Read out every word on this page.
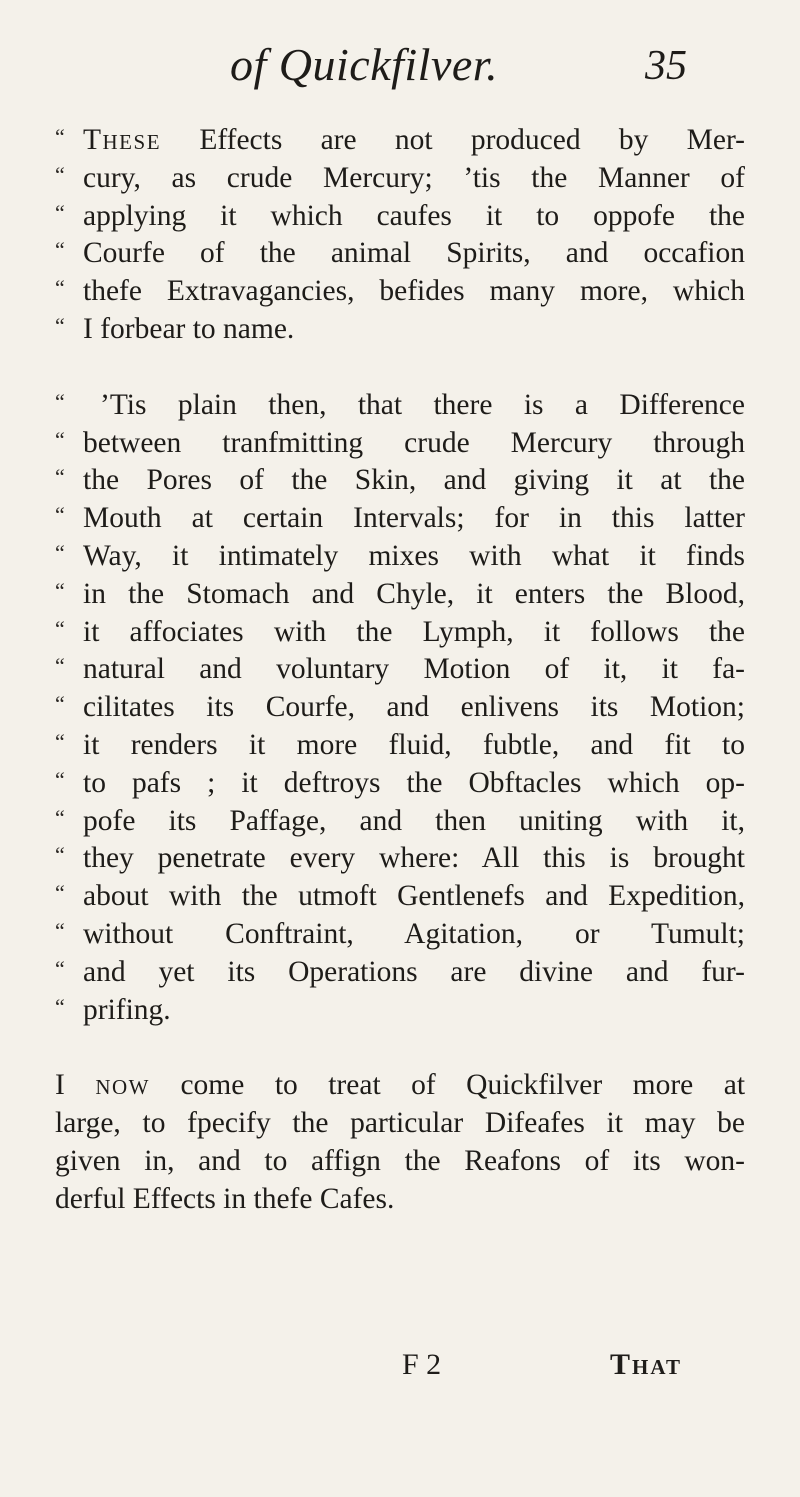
of Quickfilver.	35
“ These Effects are not produced by Mer-
“ cury, as crude Mercury; ’tis the Manner of
“ applying it which caufes it to oppofe the
“ Courfe of the animal Spirits, and occafion
“ thefe Extravagancies, befides many more, which
“ I forbear to name.
“ ’Tis plain then, that there is a Difference
“ between tranfmitting crude Mercury through
“ the Pores of the Skin, and giving it at the
“ Mouth at certain Intervals; for in this latter
“ Way, it intimately mixes with what it finds
“ in the Stomach and Chyle, it enters the Blood,
“ it affociates with the Lymph, it follows the
“ natural and voluntary Motion of it, it fa-
“ cilitates its Courfe, and enlivens its Motion;
“ it renders it more fluid, fubtle, and fit to
“ to pafs ; it deftroys the Obftacles which op-
“ pofe its Paffage, and then uniting with it,
“ they penetrate every where: All this is brought
“ about with the utmoft Gentlenefs and Expedition,
“ without Conftraint, Agitation, or Tumult;
“ and yet its Operations are divine and fur-
“ prifing.
I now come to treat of Quickfilver more at
large, to fpecify the particular Difeafes it may be
given in, and to affign the Reafons of its won-
derful Effects in thefe Cafes.
F 2	That
